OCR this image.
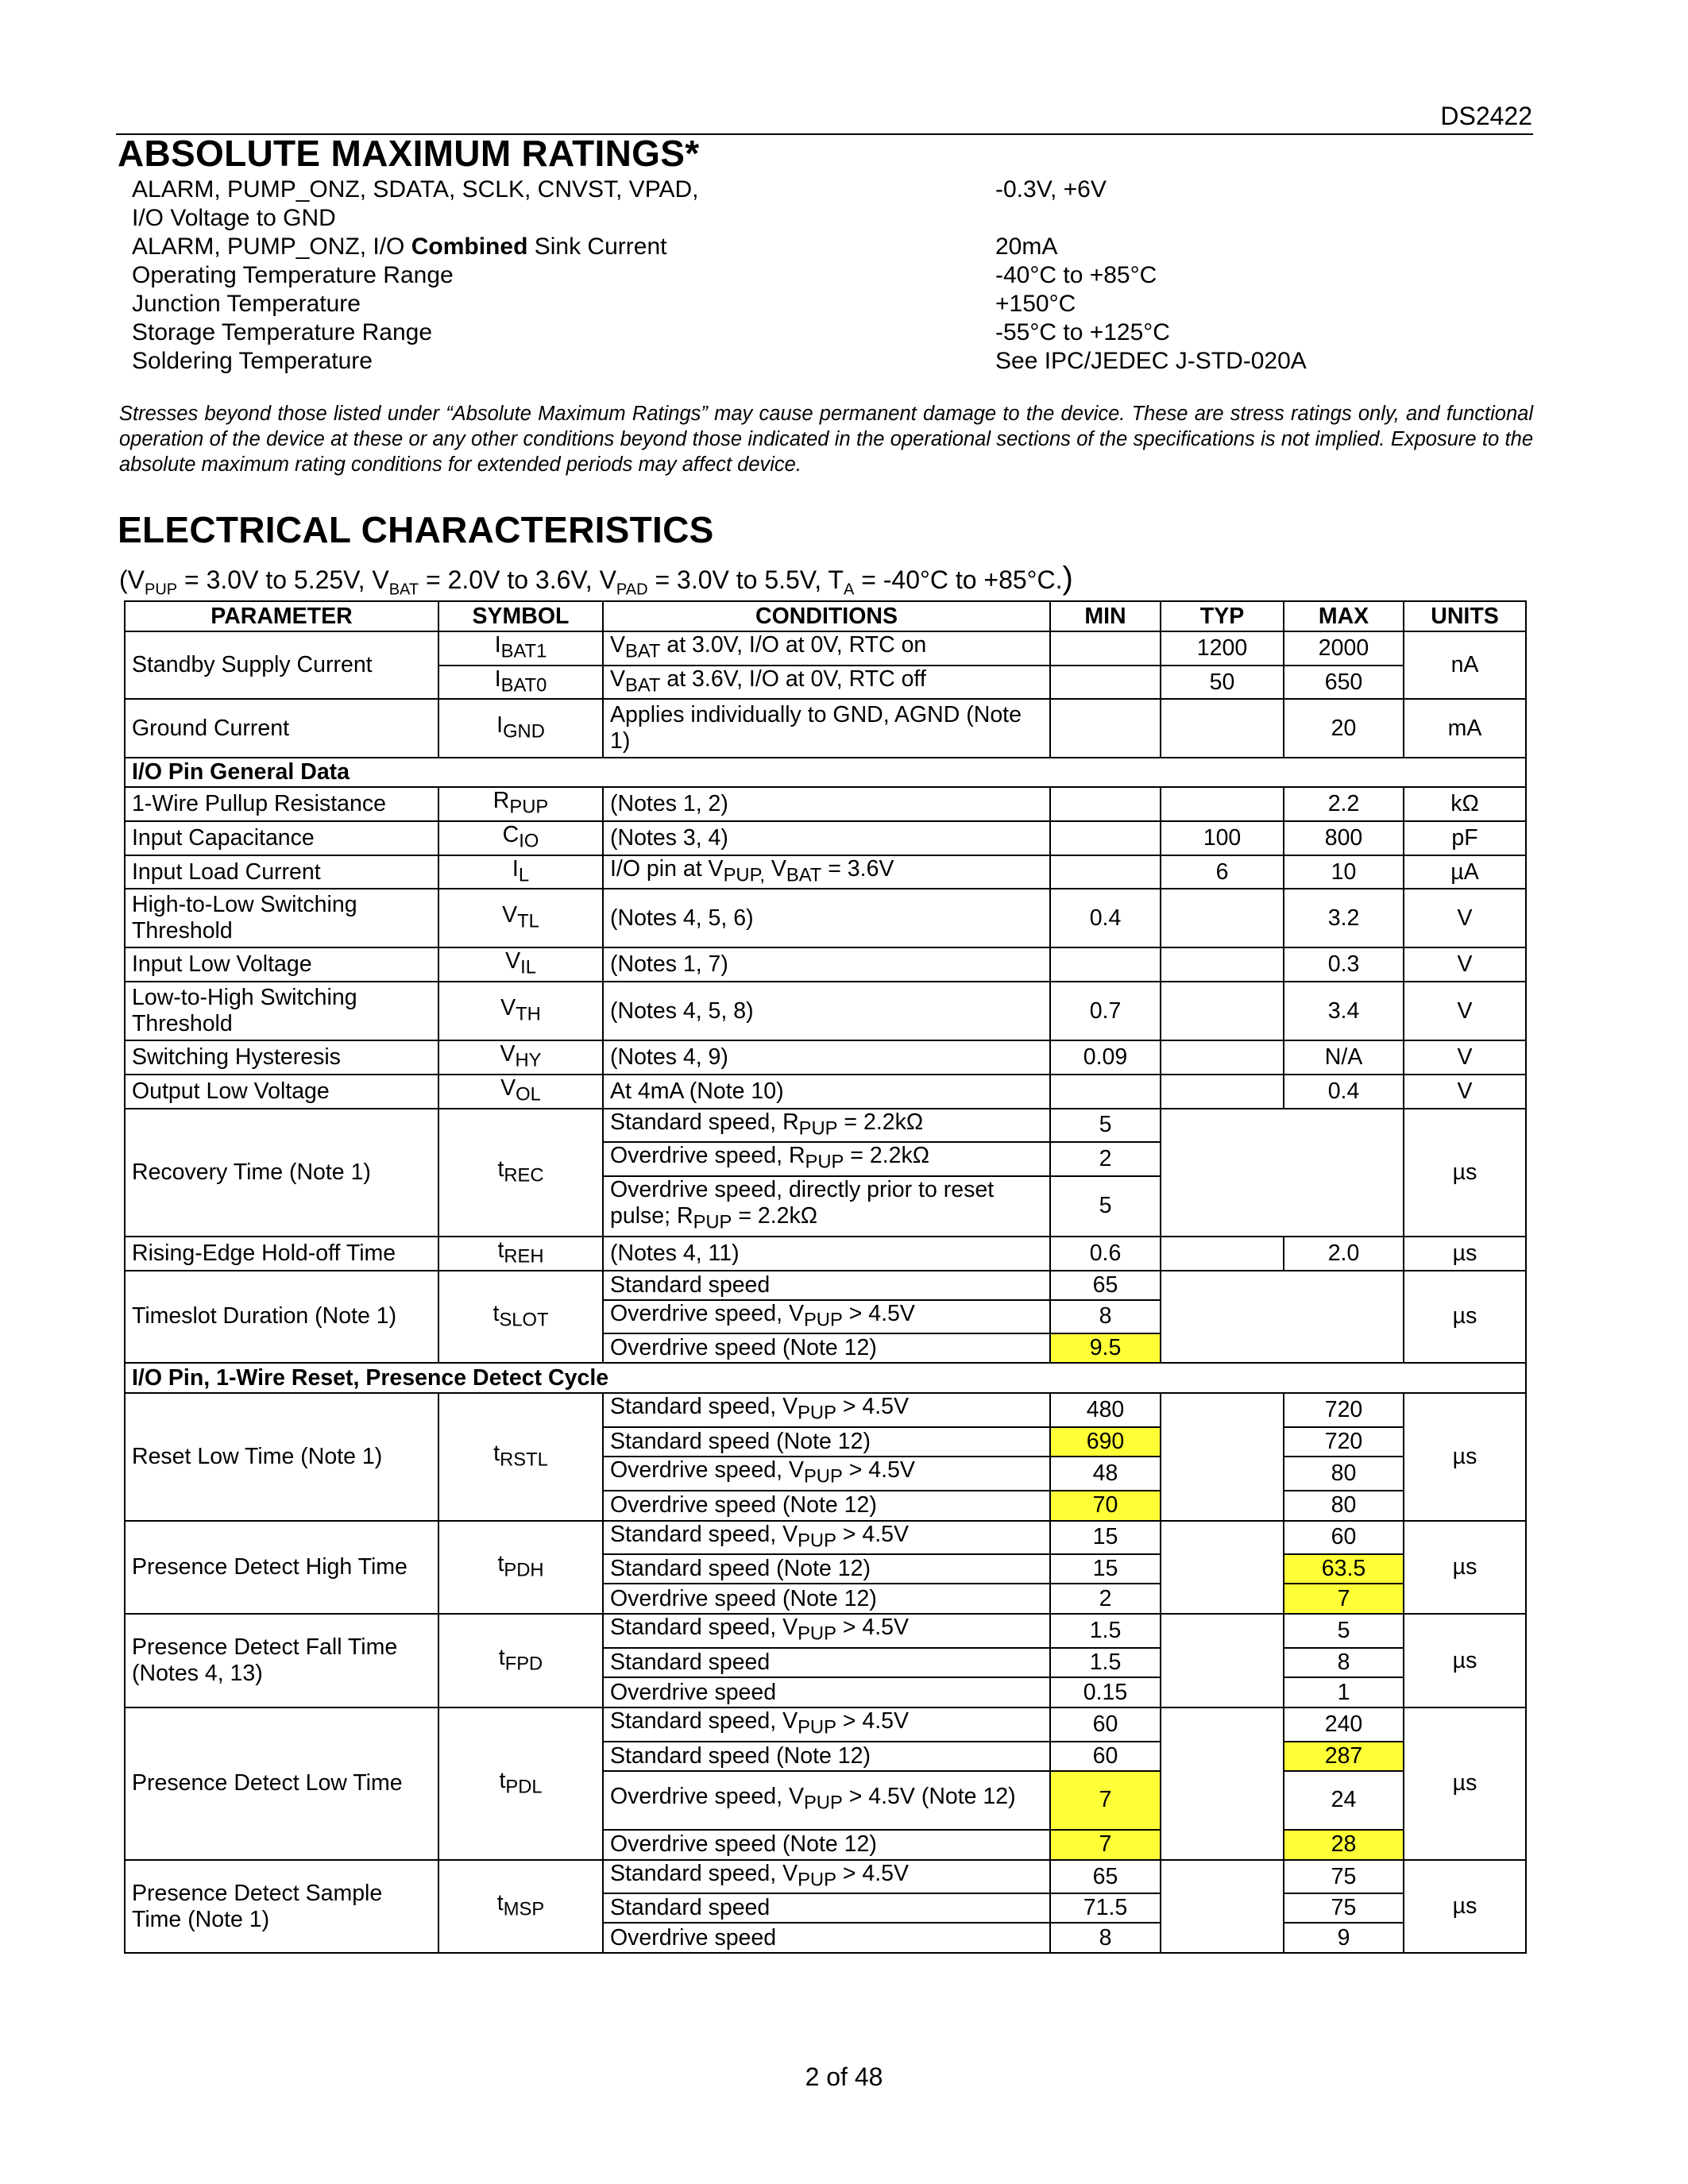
DS2422
ABSOLUTE MAXIMUM RATINGS*
ALARM, PUMP_ONZ, SDATA, SCLK, CNVST, VPAD,	-0.3V, +6V
I/O Voltage to GND
ALARM, PUMP_ONZ, I/O Combined Sink Current	20mA
Operating Temperature Range	-40°C to +85°C
Junction Temperature	+150°C
Storage Temperature Range	-55°C to +125°C
Soldering Temperature	See IPC/JEDEC J-STD-020A
Stresses beyond those listed under “Absolute Maximum Ratings” may cause permanent damage to the device. These are stress ratings only, and functional operation of the device at these or any other conditions beyond those indicated in the operational sections of the specifications is not implied. Exposure to the absolute maximum rating conditions for extended periods may affect device.
ELECTRICAL CHARACTERISTICS
($V_{PUP} = 3.0V$ to 5.25V, $V_{BAT} = 2.0V$ to 3.6V, $V_{PAD} = 3.0V$ to 5.5V, $T_A = -40^\circ C$ to +85°C.)
PARAMETER	SYMBOL	CONDITIONS	MIN	TYP	MAX	UNITS
Standby Supply Current	$I_{BAT1}$	$V_{BAT}$ at 3.0V, I/O at 0V, RTC on		1200	2000	nA
	$I_{BAT0}$	$V_{BAT}$ at 3.6V, I/O at 0V, RTC off		50	650	
Ground Current	$I_{GND}$	Applies individually to GND, AGND (Note 1)			20	mA
I/O Pin General Data						
1-Wire Pullup Resistance	$R_{PUP}$	(Notes 1, 2)			2.2	kΩ
Input Capacitance	$C_{IO}$	(Notes 3, 4)		100	800	pF
Input Load Current	$I_L$	I/O pin at $V_{PUP,}$ $V_{BAT} = 3.6V$		6	10	µA
High-to-Low Switching Threshold	$V_{TL}$	(Notes 4, 5, 6)	0.4		3.2	V
Input Low Voltage	$V_{IL}$	(Notes 1, 7)			0.3	V
Low-to-High Switching Threshold	$V_{TH}$	(Notes 4, 5, 8)	0.7		3.4	V
Switching Hysteresis	$V_{HY}$	(Notes 4, 9)	0.09		N/A	V
Output Low Voltage	$V_{OL}$	At 4mA (Note 10)			0.4	V
Recovery Time (Note 1)	$t_{REC}$	Standard speed, $R_{PUP} = 2.2k\Omega$	5			µs
		Overdrive speed, $R_{PUP} = 2.2k\Omega$	2			
		Overdrive speed, directly prior to reset pulse; $R_{PUP} = 2.2k\Omega$	5			
Rising-Edge Hold-off Time	$t_{REH}$	(Notes 4, 11)	0.6		2.0	µs
Timeslot Duration (Note 1)	$t_{SLOT}$	Standard speed	65			µs
		Overdrive speed, $V_{PUP} > 4.5V$	8			
		Overdrive speed (Note 12)	9.5			
I/O Pin, 1-Wire Reset, Presence Detect Cycle						
Reset Low Time (Note 1)	$t_{RSTL}$	Standard speed, $V_{PUP} > 4.5V$	480		720	µs
		Standard speed (Note 12)	690		720	
		Overdrive speed, $V_{PUP} > 4.5V$	48		80	
		Overdrive speed (Note 12)	70		80	
Presence Detect High Time	$t_{PDH}$	Standard speed, $V_{PUP} > 4.5V$	15		60	µs
		Standard speed (Note 12)	15		63.5	
		Overdrive speed (Note 12)	2		7	
Presence Detect Fall Time (Notes 4, 13)	$t_{FPD}$	Standard speed, $V_{PUP} > 4.5V$	1.5		5	µs
		Standard speed	1.5		8	
		Overdrive speed	0.15		1	
Presence Detect Low Time	$t_{PDL}$	Standard speed, $V_{PUP} > 4.5V$	60		240	µs
		Standard speed (Note 12)	60		287	
		Overdrive speed, $V_{PUP} > 4.5V$ (Note 12)	7		24	
		Overdrive speed (Note 12)	7		28	
Presence Detect Sample Time (Note 1)	$t_{MSP}$	Standard speed, $V_{PUP} > 4.5V$	65		75	µs
		Standard speed	71.5		75	
		Overdrive speed	8		9	
2 of 48
